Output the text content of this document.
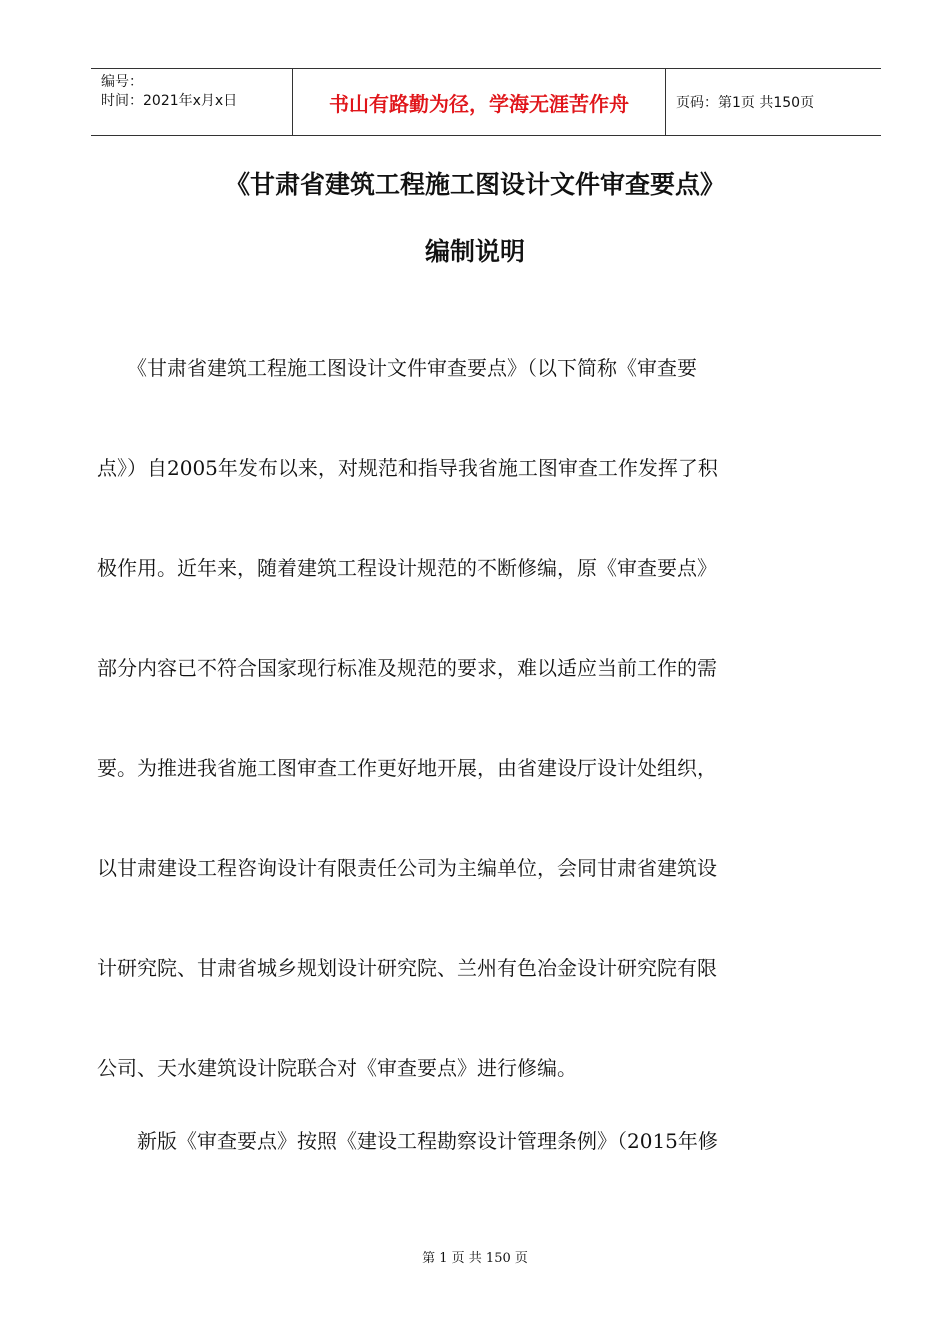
编号：
时间：2021年x月x日	书山有路勤为径，学海无涯苦作舟	页码：第1页 共150页
《甘肃省建筑工程施工图设计文件审查要点》
编制说明
　　《甘肃省建筑工程施工图设计文件审查要点》（以下简称《审查要
点》）自2005年发布以来，对规范和指导我省施工图审查工作发挥了积
极作用。近年来，随着建筑工程设计规范的不断修编，原《审查要点》
部分内容已不符合国家现行标准及规范的要求，难以适应当前工作的需
要。为推进我省施工图审查工作更好地开展，由省建设厅设计处组织，
以甘肃建设工程咨询设计有限责任公司为主编单位，会同甘肃省建筑设
计研究院、甘肃省城乡规划设计研究院、兰州有色冶金设计研究院有限
公司、天水建筑设计院联合对《审查要点》进行修编。
　　新版《审查要点》按照《建设工程勘察设计管理条例》（2015年修
第 1 页 共 150 页
